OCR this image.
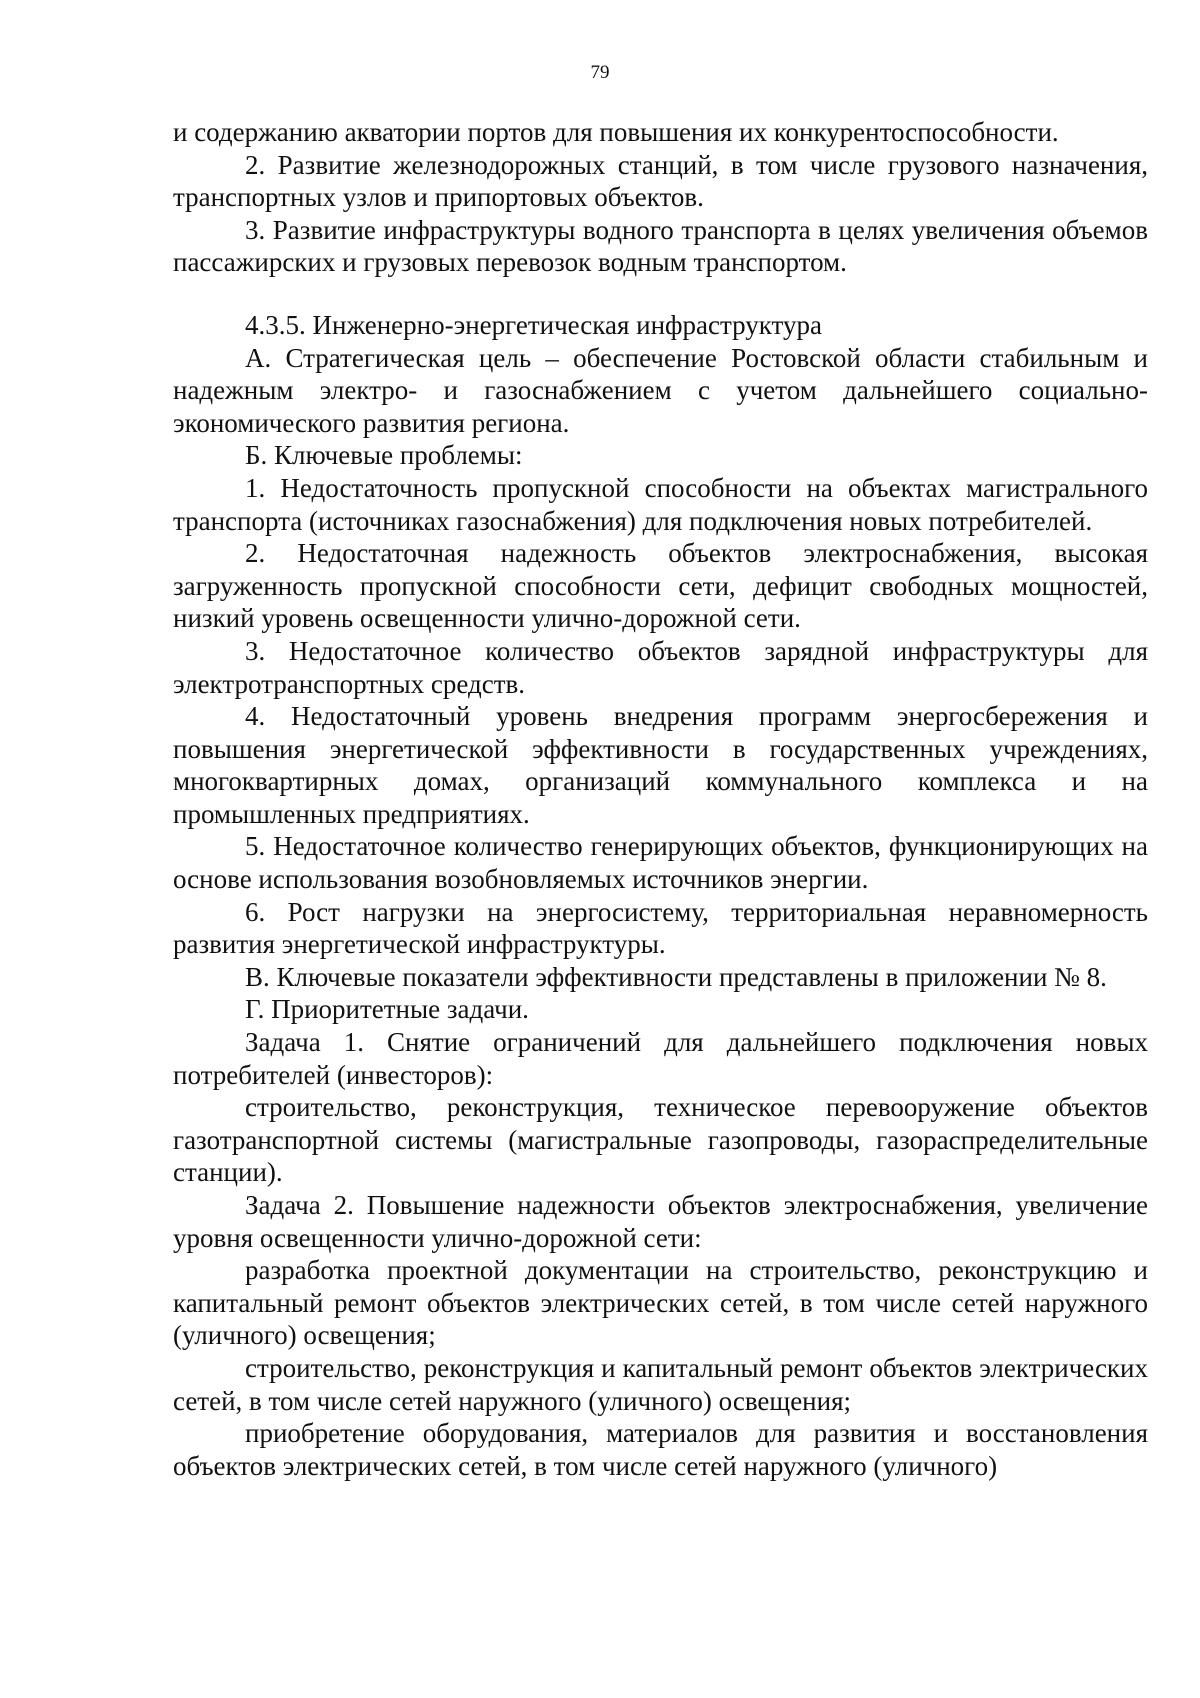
79

и содержанию акватории портов для повышения их конкурентоспособности.

2. Развитие железнодорожных станций, в том числе грузового назначения, транспортных узлов и припортовых объектов.

3. Развитие инфраструктуры водного транспорта в целях увеличения объемов пассажирских и грузовых перевозок водным транспортом.

4.3.5. Инженерно-энергетическая инфраструктура

А. Стратегическая цель – обеспечение Ростовской области стабильным и надежным электро- и газоснабжением с учетом дальнейшего социально-экономического развития региона.

Б. Ключевые проблемы:

1. Недостаточность пропускной способности на объектах магистрального транспорта (источниках газоснабжения) для подключения новых потребителей.

2. Недостаточная надежность объектов электроснабжения, высокая загруженность пропускной способности сети, дефицит свободных мощностей, низкий уровень освещенности улично-дорожной сети.

3. Недостаточное количество объектов зарядной инфраструктуры для электротранспортных средств.

4. Недостаточный уровень внедрения программ энергосбережения и повышения энергетической эффективности в государственных учреждениях, многоквартирных домах, организаций коммунального комплекса и на промышленных предприятиях.

5. Недостаточное количество генерирующих объектов, функционирующих на основе использования возобновляемых источников энергии.

6. Рост нагрузки на энергосистему, территориальная неравномерность развития энергетической инфраструктуры.

В. Ключевые показатели эффективности представлены в приложении № 8.

Г. Приоритетные задачи.

Задача 1. Снятие ограничений для дальнейшего подключения новых потребителей (инвесторов):

строительство, реконструкция, техническое перевооружение объектов газотранспортной системы (магистральные газопроводы, газораспределительные станции).

Задача 2. Повышение надежности объектов электроснабжения, увеличение уровня освещенности улично-дорожной сети:

разработка проектной документации на строительство, реконструкцию и капитальный ремонт объектов электрических сетей, в том числе сетей наружного (уличного) освещения;

строительство, реконструкция и капитальный ремонт объектов электрических сетей, в том числе сетей наружного (уличного) освещения;

приобретение оборудования, материалов для развития и восстановления объектов электрических сетей, в том числе сетей наружного (уличного)
